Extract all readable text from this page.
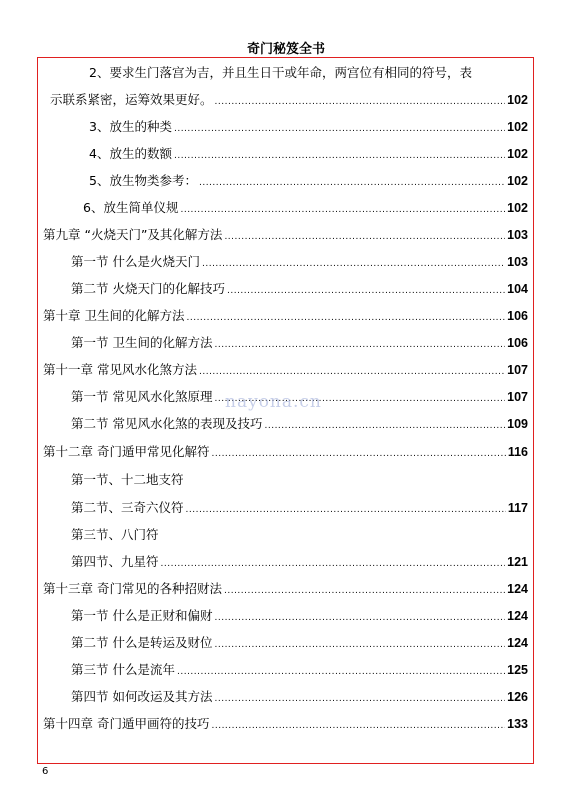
奇门秘笈全书
2、要求生门落宫为吉，并且生日干或年命，两宫位有相同的符号，表
示联系紧密，运筹效果更好。 .....	102
3、放生的种类 .....	102
4、放生的数额 .....	102
5、放生物类参考： .....	102
6、放生简单仪规 .....	102
第九章 “火烧天门”及其化解方法 .....	103
第一节 什么是火烧天门 .....	103
第二节 火烧天门的化解技巧 .....	104
第十章 卫生间的化解方法 .....	106
第一节 卫生间的化解方法 .....	106
第十一章 常见风水化煞方法 .....	107
第一节 常见风水化煞原理 .....	107
第二节 常见风水化煞的表现及技巧 .....	109
第十二章 奇门遁甲常见化解符 .....	116
第一节、十二地支符
第二节、三奇六仪符 .....	117
第三节、八门符
第四节、九星符 .....	121
第十三章 奇门常见的各种招财法 .....	124
第一节 什么是正财和偏财 .....	124
第二节 什么是转运及财位 .....	124
第三节 什么是流年 .....	125
第四节 如何改运及其方法 .....	126
第十四章 奇门遁甲画符的技巧 .....	133
nayona.cn
6
